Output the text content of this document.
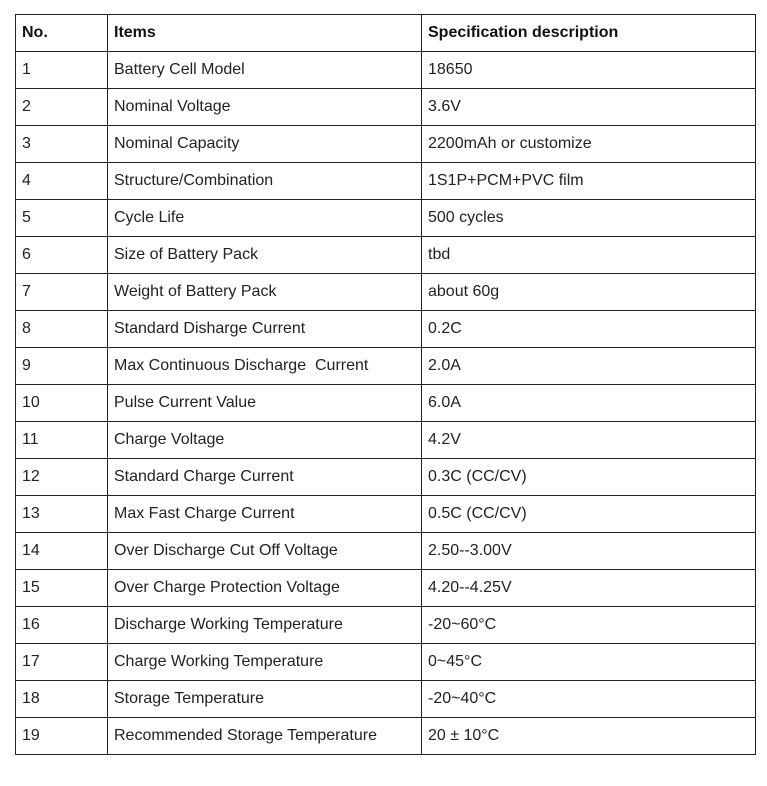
No.	Items	Specification description
1	Battery Cell Model	18650
2	Nominal Voltage	3.6V
3	Nominal Capacity	2200mAh or customize
4	Structure/Combination	1S1P+PCM+PVC film
5	Cycle Life	500 cycles
6	Size of Battery Pack	tbd
7	Weight of Battery Pack	about 60g
8	Standard Disharge Current	0.2C
9	Max Continuous Discharge  Current	2.0A
10	Pulse Current Value	6.0A
11	Charge Voltage	4.2V
12	Standard Charge Current	0.3C (CC/CV)
13	Max Fast Charge Current	0.5C (CC/CV)
14	Over Discharge Cut Off Voltage	2.50--3.00V
15	Over Charge Protection Voltage	4.20--4.25V
16	Discharge Working Temperature	-20~60°C
17	Charge Working Temperature	0~45°C
18	Storage Temperature	-20~40°C
19	Recommended Storage Temperature	20 ± 10°C
